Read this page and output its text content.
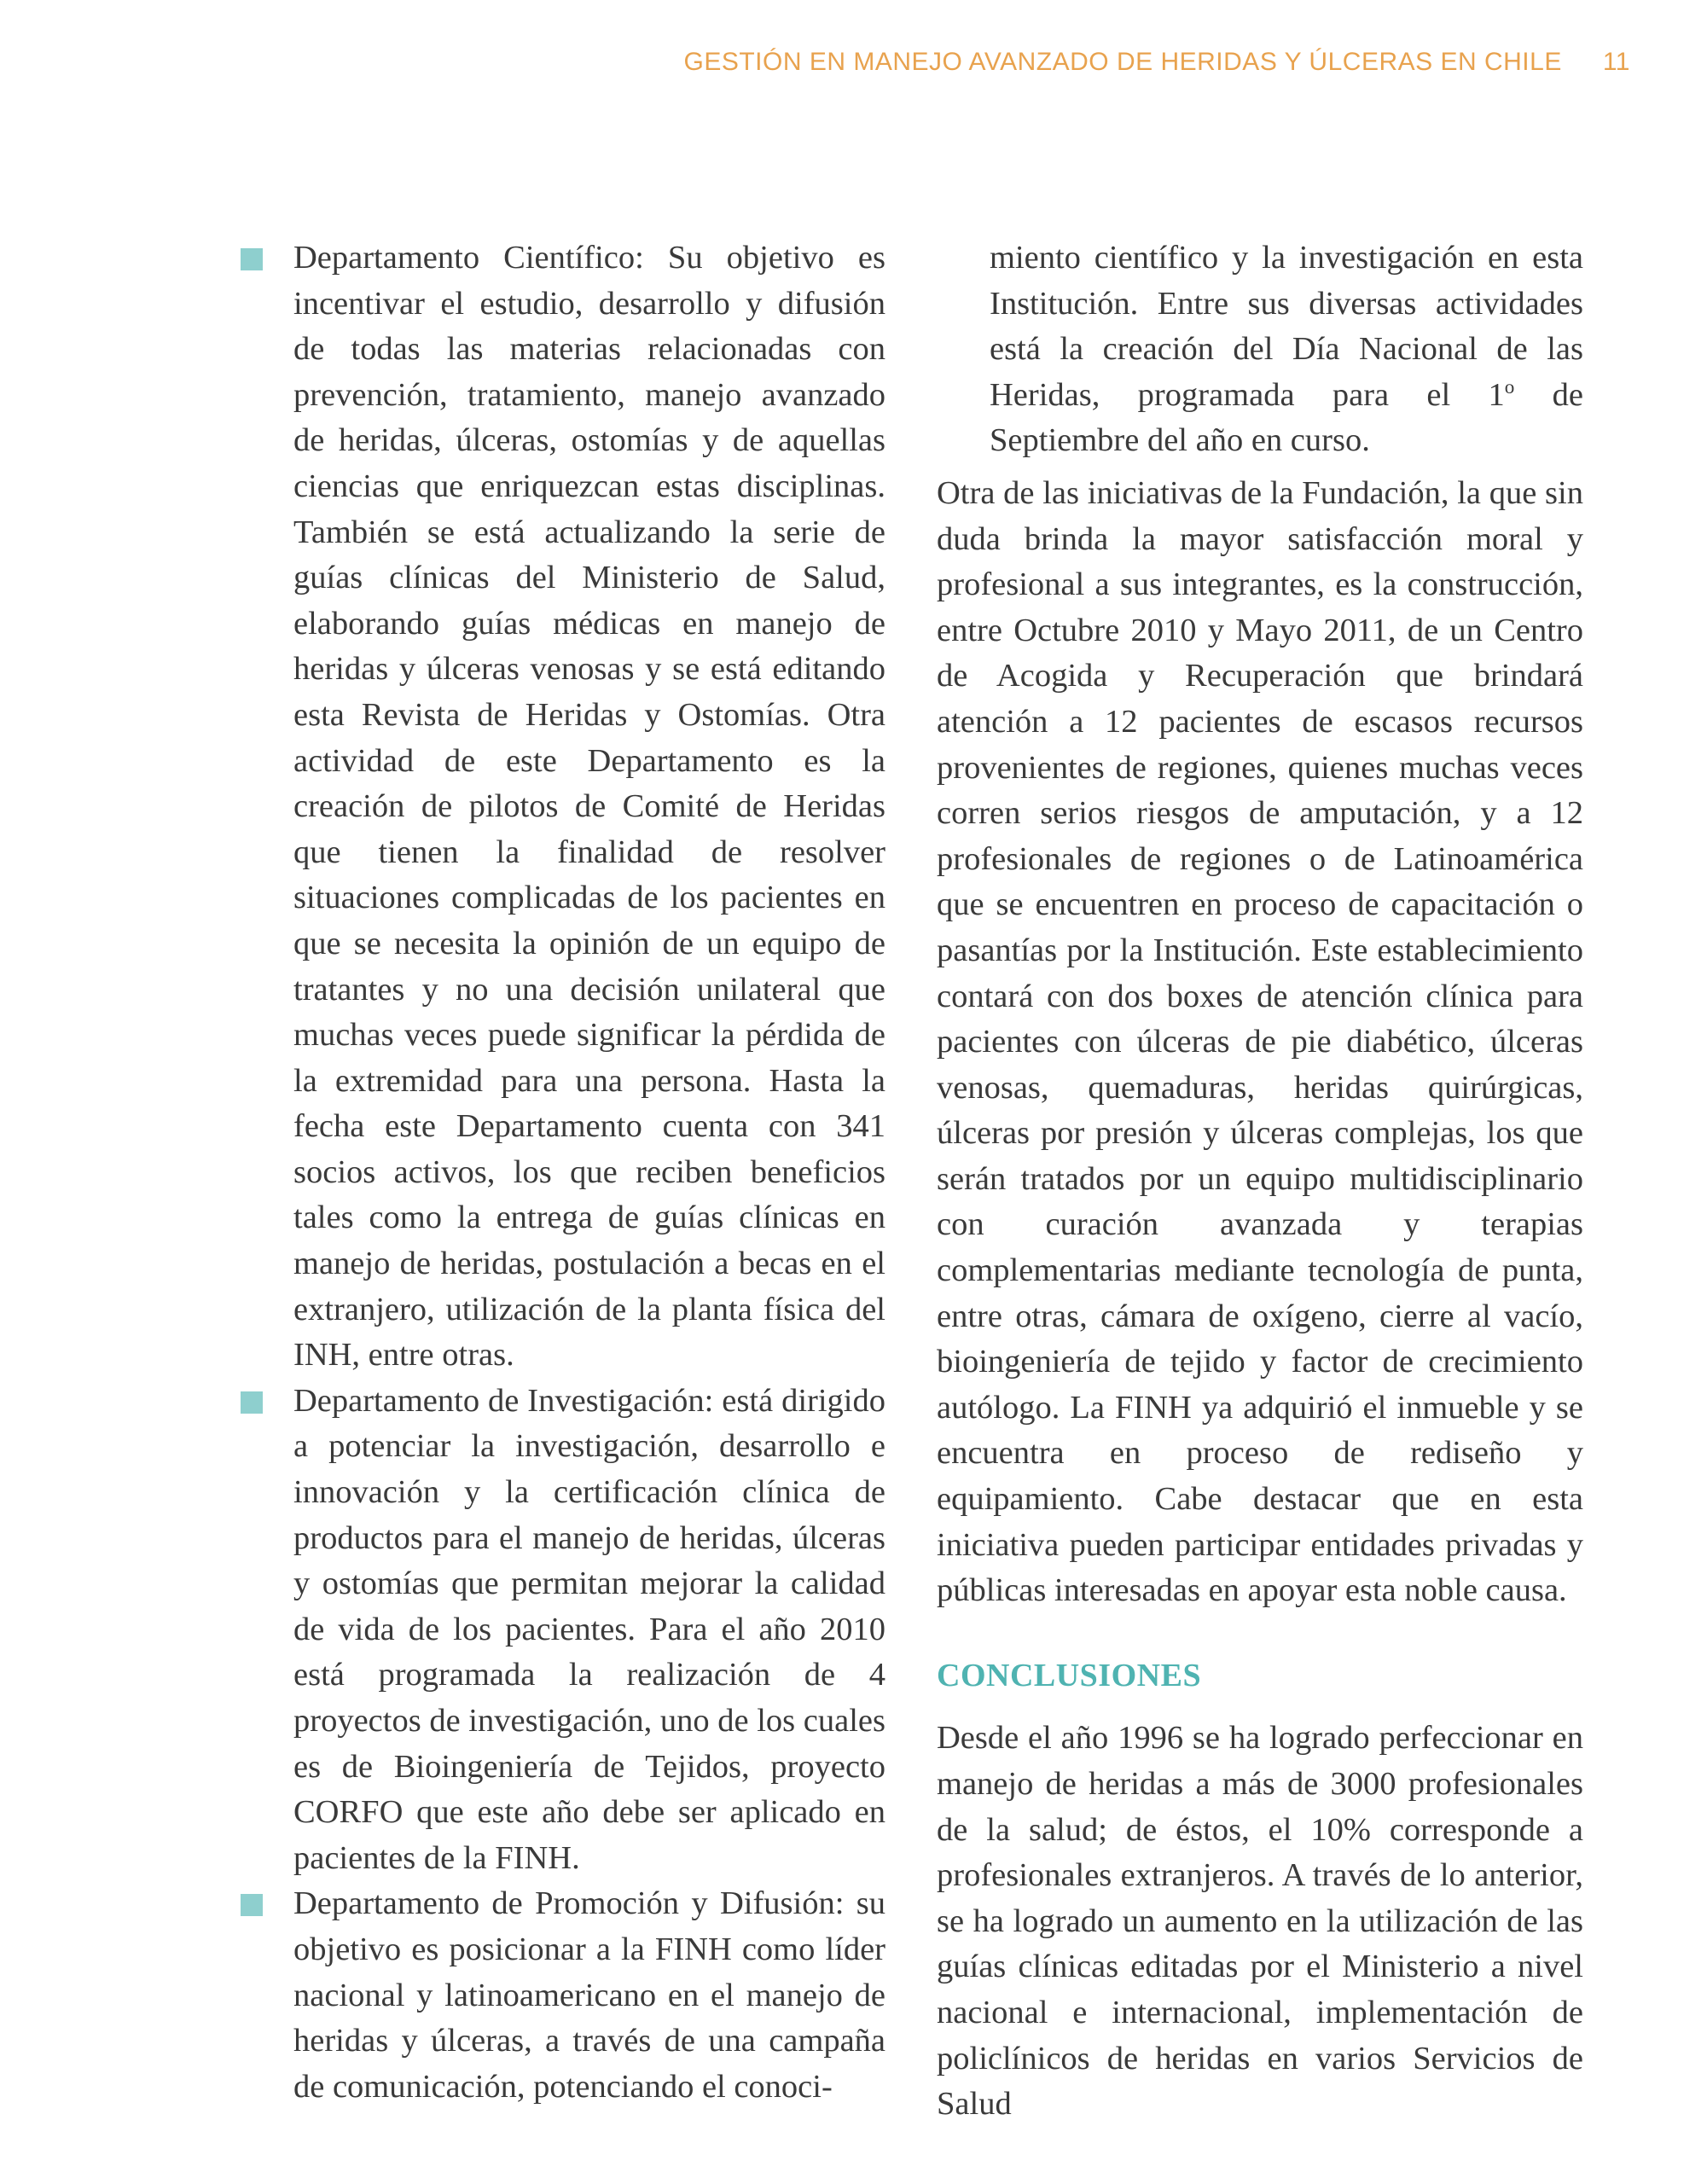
GESTIÓN EN MANEJO AVANZADO DE HERIDAS Y ÚLCERAS EN CHILE 11

Departamento Científico: Su objetivo es incentivar el estudio, desarrollo y difusión de todas las materias relacionadas con prevención, tratamiento, manejo avanzado de heridas, úlceras, ostomías y de aquellas ciencias que enriquezcan estas disciplinas. También se está actualizando la serie de guías clínicas del Ministerio de Salud, elaborando guías médicas en manejo de heridas y úlceras venosas y se está editando esta Revista de Heridas y Ostomías. Otra actividad de este Departamento es la creación de pilotos de Comité de Heridas que tienen la finalidad de resolver situaciones complicadas de los pacientes en que se necesita la opinión de un equipo de tratantes y no una decisión unilateral que muchas veces puede significar la pérdida de la extremidad para una persona. Hasta la fecha este Departamento cuenta con 341 socios activos, los que reciben beneficios tales como la entrega de guías clínicas en manejo de heridas, postulación a becas en el extranjero, utilización de la planta física del INH, entre otras.

Departamento de Investigación: está dirigido a potenciar la investigación, desarrollo e innovación y la certificación clínica de productos para el manejo de heridas, úlceras y ostomías que permitan mejorar la calidad de vida de los pacientes. Para el año 2010 está programada la realización de 4 proyectos de investigación, uno de los cuales es de Bioingeniería de Tejidos, proyecto CORFO que este año debe ser aplicado en pacientes de la FINH.

Departamento de Promoción y Difusión: su objetivo es posicionar a la FINH como líder nacional y latinoamericano en el manejo de heridas y úlceras, a través de una campaña de comunicación, potenciando el conoci-

miento científico y la investigación en esta Institución. Entre sus diversas actividades está la creación del Día Nacional de las Heridas, programada para el 1$^o$ de Septiembre del año en curso.

Otra de las iniciativas de la Fundación, la que sin duda brinda la mayor satisfacción moral y profesional a sus integrantes, es la construcción, entre Octubre 2010 y Mayo 2011, de un Centro de Acogida y Recuperación que brindará atención a 12 pacientes de escasos recursos provenientes de regiones, quienes muchas veces corren serios riesgos de amputación, y a 12 profesionales de regiones o de Latinoamérica que se encuentren en proceso de capacitación o pasantías por la Institución. Este establecimiento contará con dos boxes de atención clínica para pacientes con úlceras de pie diabético, úlceras venosas, quemaduras, heridas quirúrgicas, úlceras por presión y úlceras complejas, los que serán tratados por un equipo multidisciplinario con curación avanzada y terapias complementarias mediante tecnología de punta, entre otras, cámara de oxígeno, cierre al vacío, bioingeniería de tejido y factor de crecimiento autólogo. La FINH ya adquirió el inmueble y se encuentra en proceso de rediseño y equipamiento. Cabe destacar que en esta iniciativa pueden participar entidades privadas y públicas interesadas en apoyar esta noble causa.

CONCLUSIONES

Desde el año 1996 se ha logrado perfeccionar en manejo de heridas a más de 3000 profesionales de la salud; de éstos, el 10% corresponde a profesionales extranjeros. A través de lo anterior, se ha logrado un aumento en la utilización de las guías clínicas editadas por el Ministerio a nivel nacional e internacional, implementación de policlínicos de heridas en varios Servicios de Salud
